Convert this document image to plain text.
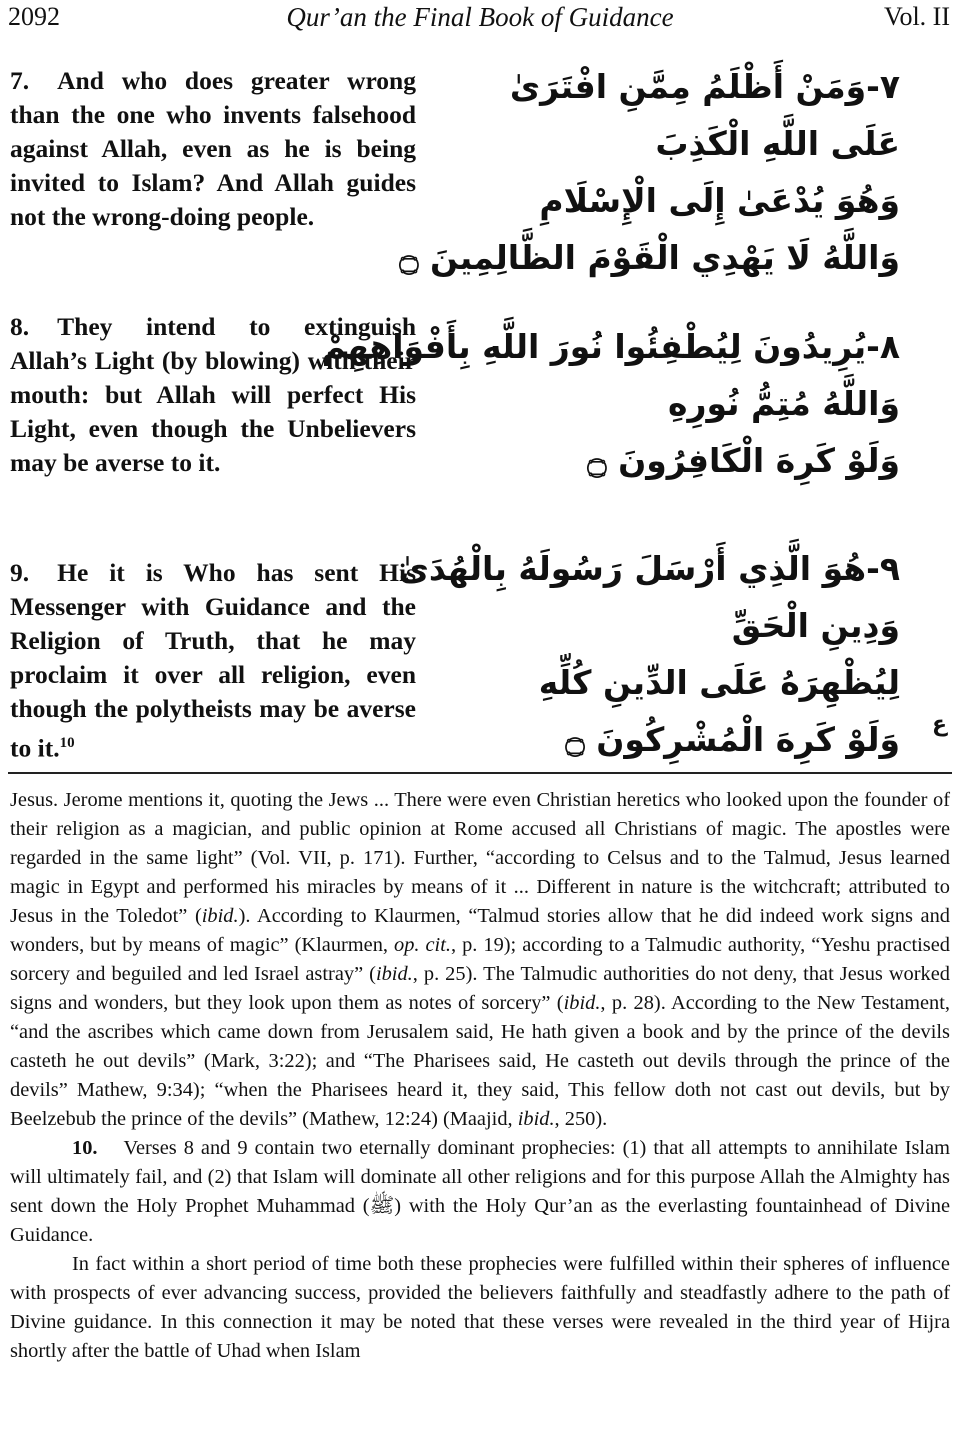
2092	Qur’an the Final Book of Guidance	Vol. II
7. And who does greater wrong than the one who invents falsehood against Allah, even as he is being invited to Islam? And Allah guides not the wrong-doing people.
٧-وَمَنْ أَظْلَمُ مِمَّنِ افْتَرَىٰ
عَلَى اللَّهِ الْكَذِبَ
وَهُوَ يُدْعَىٰ إِلَى الْإِسْلَامِ
وَاللَّهُ لَا يَهْدِي الْقَوْمَ الظَّالِمِينَ ۝
8. They intend to extinguish Allah’s Light (by blowing) with their mouth: but Allah will perfect His Light, even though the Unbelievers may be averse to it.
٨-يُرِيدُونَ لِيُطْفِئُوا نُورَ اللَّهِ بِأَفْوَاهِهِمْ
وَاللَّهُ مُتِمُّ نُورِهِ
وَلَوْ كَرِهَ الْكَافِرُونَ ۝
9. He it is Who has sent His Messenger with Guidance and the Religion of Truth, that he may proclaim it over all religion, even though the polytheists may be averse to it.$^{10}$
٩-هُوَ الَّذِي أَرْسَلَ رَسُولَهُ بِالْهُدَىٰ
وَدِينِ الْحَقِّ
لِيُظْهِرَهُ عَلَى الدِّينِ كُلِّهِ
وَلَوْ كَرِهَ الْمُشْرِكُونَ ۝ ع

Jesus. Jerome mentions it, quoting the Jews ... There were even Christian heretics who looked upon the founder of their religion as a magician, and public opinion at Rome accused all Christians of magic. The apostles were regarded in the same light” (Vol. VII, p. 171). Further, “according to Celsus and to the Talmud, Jesus learned magic in Egypt and performed his miracles by means of it ... Different in nature is the witchcraft; attributed to Jesus in the Toledot” (ibid.). According to Klaurmen, “Talmud stories allow that he did indeed work signs and wonders, but by means of magic” (Klaurmen, op. cit., p. 19); according to a Talmudic authority, “Yeshu practised sorcery and beguiled and led Israel astray” (ibid., p. 25). The Talmudic authorities do not deny, that Jesus worked signs and wonders, but they look upon them as notes of sorcery” (ibid., p. 28). According to the New Testament, “and the ascribes which came down from Jerusalem said, He hath given a book and by the prince of the devils casteth he out devils” (Mark, 3:22); and “The Pharisees said, He casteth out devils through the prince of the devils” Mathew, 9:34); “when the Pharisees heard it, they said, This fellow doth not cast out devils, but by Beelzebub the prince of the devils” (Mathew, 12:24) (Maajid, ibid., 250).

10. Verses 8 and 9 contain two eternally dominant prophecies: (1) that all attempts to annihilate Islam will ultimately fail, and (2) that Islam will dominate all other religions and for this purpose Allah the Almighty has sent down the Holy Prophet Muhammad (ﷺ) with the Holy Qur’an as the everlasting fountainhead of Divine Guidance.

In fact within a short period of time both these prophecies were fulfilled within their spheres of influence with prospects of ever advancing success, provided the believers faithfully and steadfastly adhere to the path of Divine guidance. In this connection it may be noted that these verses were revealed in the third year of Hijra shortly after the battle of Uhad when Islam
